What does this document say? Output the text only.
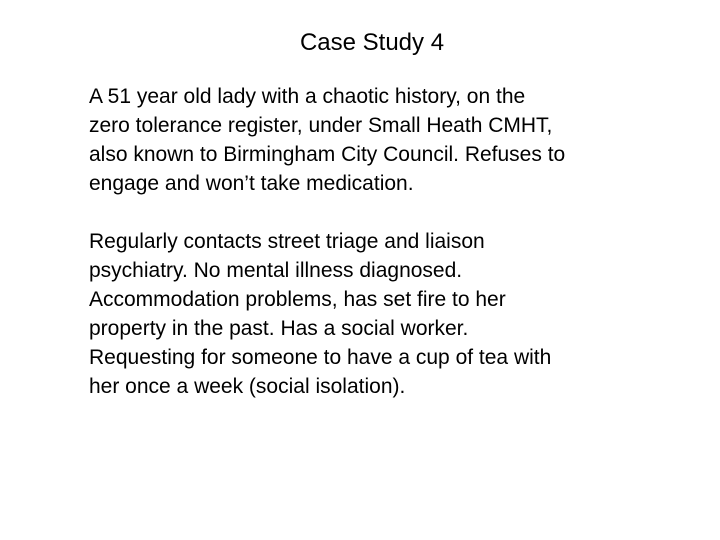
Case Study 4

A 51 year old lady with a chaotic history, on the
zero tolerance register, under Small Heath CMHT,
also known to Birmingham City Council. Refuses to
engage and won’t take medication.

Regularly contacts street triage and liaison
psychiatry. No mental illness diagnosed.
Accommodation problems, has set fire to her
property in the past. Has a social worker.
Requesting for someone to have a cup of tea with
her once a week (social isolation).
